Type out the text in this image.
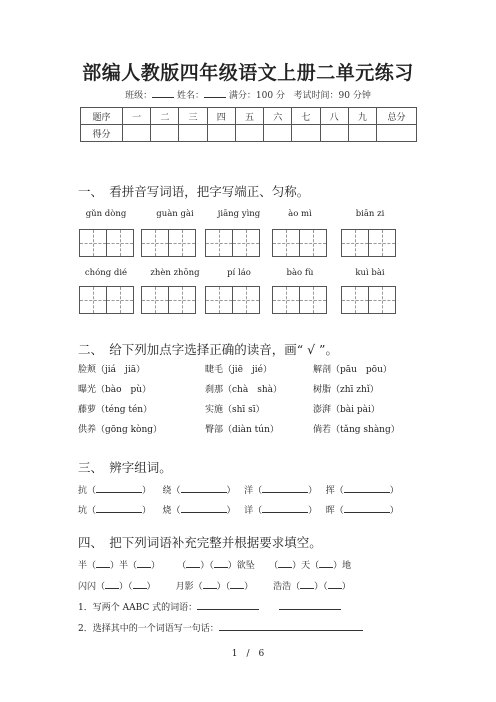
部编人教版四年级语文上册二单元练习
班级：	姓名：	满分：100 分 考试时间：90 分钟
题序	一	二	三	四	五	六	七	八	九	总分
得分										
一、　看拼音写词语，把字写端正、匀称。
gǔn dòng	guàn gài	jiāng yìng	ào mì	biān zi
chóng dié	zhèn zhōng	pí láo	bào fù	kuì bài
二、　给下列加点字选择正确的读音，画“ √ ”。
脸颊（jiá　jiā）	睫毛（jiē　jié）	解剖（pāu　pōu）
曝光（bào　pù）	刹那（chà　shà）	树脂（zhī zhǐ）
藤萝（téng tén）	实施（shī sī）	澎湃（bài pài）
供养（gōng kòng）	臀部（diàn tún）	倘若（tǎng shàng）
三、　辨字组词。
抗（	） 绕（	） 洋（	） 挥（	）
坑（	） 烧（	） 详（	） 晖（	）
四、　把下列词语补充完整并根据要求填空。
半（ ）半（ ） （ ）（ ）欲坠 （ ）天（ ）地
闪闪（ ）（ ） 月影（ ）（ ） 浩浩（ ）（ ）
1．写两个 AABC 式的词语：
2．选择其中的一个词语写一句话：
1　/　6
